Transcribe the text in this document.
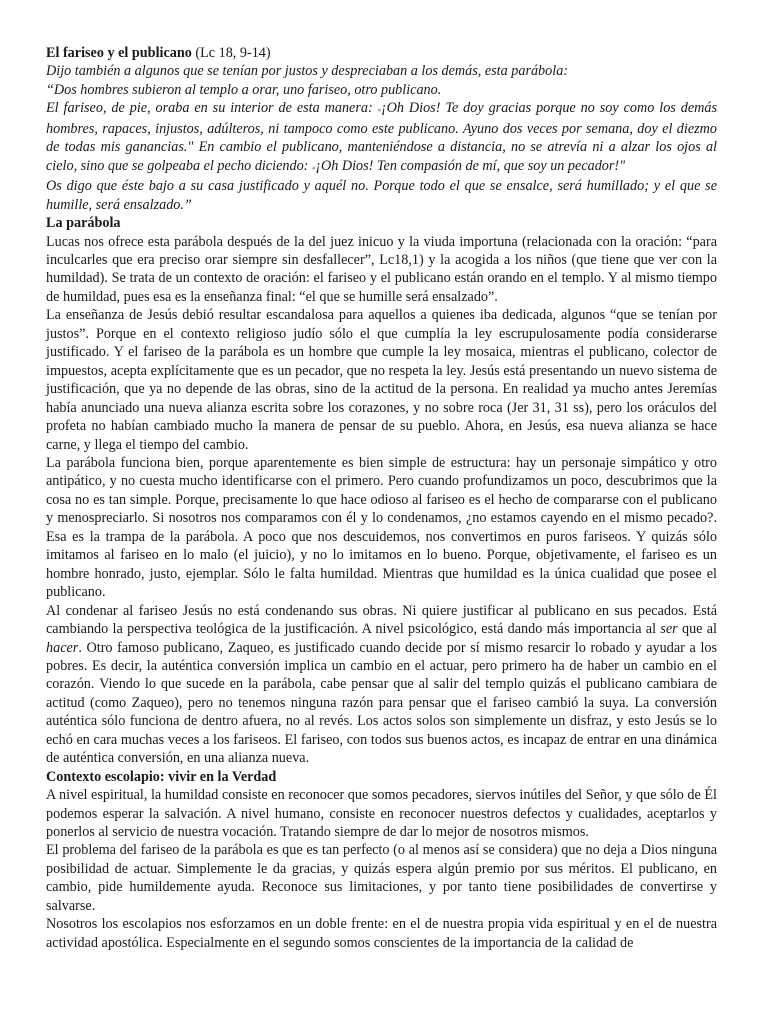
El fariseo y el publicano (Lc 18, 9-14)

Dijo también a algunos que se tenían por justos y despreciaban a los demás, esta parábola:

“Dos hombres subieron al templo a orar, uno fariseo, otro publicano.

El fariseo, de pie, oraba en su interior de esta manera: «¡Oh Dios! Te doy gracias porque no soy como los demás hombres, rapaces, injustos, adúlteros, ni tampoco como este publicano. Ayuno dos veces por semana, doy el diezmo de todas mis ganancias." En cambio el publicano, manteniéndose a distancia, no se atrevía ni a alzar los ojos al cielo, sino que se golpeaba el pecho diciendo: «¡Oh Dios! Ten compasión de mí, que soy un pecador!"

Os digo que éste bajo a su casa justificado y aquél no. Porque todo el que se ensalce, será humillado; y el que se humille, será ensalzado.”

La parábola

Lucas nos ofrece esta parábola después de la del juez inicuo y la viuda importuna (relacionada con la oración: “para inculcarles que era preciso orar siempre sin desfallecer”, Lc18,1) y la acogida a los niños (que tiene que ver con la humildad). Se trata de un contexto de oración: el fariseo y el publicano están orando en el templo. Y al mismo tiempo de humildad, pues esa es la enseñanza final: “el que se humille será ensalzado”.

La enseñanza de Jesús debió resultar escandalosa para aquellos a quienes iba dedicada, algunos “que se tenían por justos”. Porque en el contexto religioso judío sólo el que cumplía la ley escrupulosamente podía considerarse justificado. Y el fariseo de la parábola es un hombre que cumple la ley mosaica, mientras el publicano, colector de impuestos, acepta explícitamente que es un pecador, que no respeta la ley. Jesús está presentando un nuevo sistema de justificación, que ya no depende de las obras, sino de la actitud de la persona. En realidad ya mucho antes Jeremías había anunciado una nueva alianza escrita sobre los corazones, y no sobre roca (Jer 31, 31 ss), pero los oráculos del profeta no habían cambiado mucho la manera de pensar de su pueblo. Ahora, en Jesús, esa nueva alianza se hace carne, y llega el tiempo del cambio.

La parábola funciona bien, porque aparentemente es bien simple de estructura: hay un personaje simpático y otro antipático, y no cuesta mucho identificarse con el primero. Pero cuando profundizamos un poco, descubrimos que la cosa no es tan simple. Porque, precisamente lo que hace odioso al fariseo es el hecho de compararse con el publicano y menospreciarlo. Si nosotros nos comparamos con él y lo condenamos, ¿no estamos cayendo en el mismo pecado?. Esa es la trampa de la parábola. A poco que nos descuidemos, nos convertimos en puros fariseos. Y quizás sólo imitamos al fariseo en lo malo (el juicio), y no lo imitamos en lo bueno. Porque, objetivamente, el fariseo es un hombre honrado, justo, ejemplar. Sólo le falta humildad. Mientras que humildad es la única cualidad que posee el publicano.

Al condenar al fariseo Jesús no está condenando sus obras. Ni quiere justificar al publicano en sus pecados. Está cambiando la perspectiva teológica de la justificación. A nivel psicológico, está dando más importancia al ser que al hacer. Otro famoso publicano, Zaqueo, es justificado cuando decide por sí mismo resarcir lo robado y ayudar a los pobres. Es decir, la auténtica conversión implica un cambio en el actuar, pero primero ha de haber un cambio en el corazón. Viendo lo que sucede en la parábola, cabe pensar que al salir del templo quizás el publicano cambiara de actitud (como Zaqueo), pero no tenemos ninguna razón para pensar que el fariseo cambió la suya. La conversión auténtica sólo funciona de dentro afuera, no al revés. Los actos solos son simplemente un disfraz, y esto Jesús se lo echó en cara muchas veces a los fariseos. El fariseo, con todos sus buenos actos, es incapaz de entrar en una dinámica de auténtica conversión, en una alianza nueva.

Contexto escolapio: vivir en la Verdad

A nivel espiritual, la humildad consiste en reconocer que somos pecadores, siervos inútiles del Señor, y que sólo de Él podemos esperar la salvación. A nivel humano, consiste en reconocer nuestros defectos y cualidades, aceptarlos y ponerlos al servicio de nuestra vocación. Tratando siempre de dar lo mejor de nosotros mismos.

El problema del fariseo de la parábola es que es tan perfecto (o al menos así se considera) que no deja a Dios ninguna posibilidad de actuar. Simplemente le da gracias, y quizás espera algún premio por sus méritos. El publicano, en cambio, pide humildemente ayuda. Reconoce sus limitaciones, y por tanto tiene posibilidades de convertirse y salvarse.

Nosotros los escolapios nos esforzamos en un doble frente: en el de nuestra propia vida espiritual y en el de nuestra actividad apostólica. Especialmente en el segundo somos conscientes de la importancia de la calidad de
